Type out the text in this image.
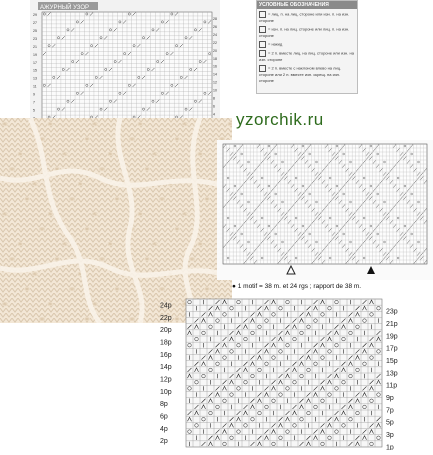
АЖУРНЫЙ УЗОР
29
27
25
23
21
19
17
15
13
11
9
7
5
28
26
24
22
20
18
16
14
12
10
8
6
4
УСЛОВНЫЕ ОБОЗНАЧЕНИЯ
= лиц. п. на лиц. стороне или изн. п. на изн. стороне
= изн. п. на лиц. стороне или лиц. п. на изн. стороне
= накид
= 2 п. вместе лиц. на лиц. стороне или изн. на изн. стороне
= 2 п. вместе с наклоном влево на лиц. стороне или 2 п. вместе изн. скрещ. на изн. стороне
yzorchik.ru
● 1 motif = 38 m. et 24 rgs ; rapport de 38 m.
24p
22p
20p
18p
16p
14p
12p
10p
8p
6p
4p
2p
23p
21p
19p
17p
15p
13p
11p
9p
7p
5p
3p
1p
